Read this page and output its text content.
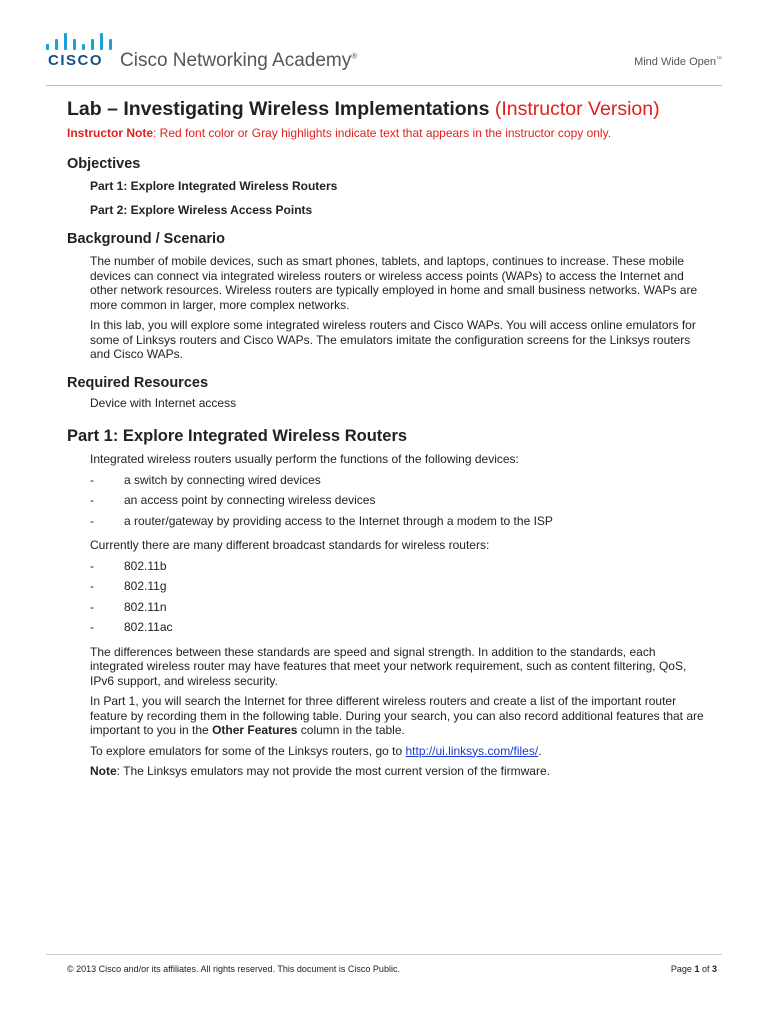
CISCO Cisco Networking Academy®	Mind Wide Open™
Lab – Investigating Wireless Implementations (Instructor Version)

Instructor Note: Red font color or Gray highlights indicate text that appears in the instructor copy only.

Objectives

Part 1: Explore Integrated Wireless Routers

Part 2: Explore Wireless Access Points

Background / Scenario

The number of mobile devices, such as smart phones, tablets, and laptops, continues to increase. These mobile devices can connect via integrated wireless routers or wireless access points (WAPs) to access the Internet and other network resources. Wireless routers are typically employed in home and small business networks. WAPs are more common in larger, more complex networks.

In this lab, you will explore some integrated wireless routers and Cisco WAPs. You will access online emulators for some of Linksys routers and Cisco WAPs. The emulators imitate the configuration screens for the Linksys routers and Cisco WAPs.

Required Resources

Device with Internet access

Part 1: Explore Integrated Wireless Routers

Integrated wireless routers usually perform the functions of the following devices:

-	a switch by connecting wired devices
-	an access point by connecting wireless devices
-	a router/gateway by providing access to the Internet through a modem to the ISP

Currently there are many different broadcast standards for wireless routers:

-	802.11b
-	802.11g
-	802.11n
-	802.11ac

The differences between these standards are speed and signal strength. In addition to the standards, each integrated wireless router may have features that meet your network requirement, such as content filtering, QoS, IPv6 support, and wireless security.

In Part 1, you will search the Internet for three different wireless routers and create a list of the important router feature by recording them in the following table. During your search, you can also record additional features that are important to you in the Other Features column in the table.

To explore emulators for some of the Linksys routers, go to http://ui.linksys.com/files/.

Note: The Linksys emulators may not provide the most current version of the firmware.

© 2013 Cisco and/or its affiliates. All rights reserved. This document is Cisco Public.	Page 1 of 3
